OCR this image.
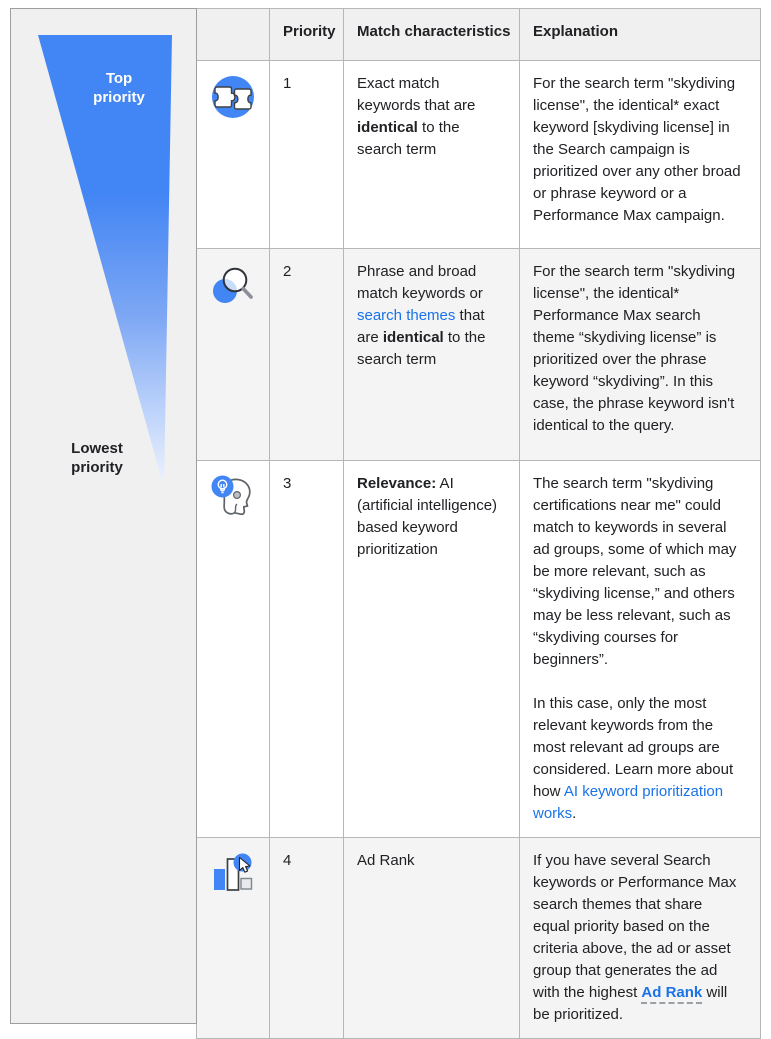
Top priority
Lowest priority
	Priority	Match characteristics	Explanation
	1	Exact match keywords that are identical to the search term	For the search term "skydiving license", the identical* exact keyword [skydiving license] in the Search campaign is prioritized over any other broad or phrase keyword or a Performance Max campaign.

	2	Phrase and broad match keywords or search themes that are identical to the search term	For the search term "skydiving license", the identical* Performance Max search theme “skydiving license” is prioritized over the phrase keyword “skydiving”. In this case, the phrase keyword isn't identical to the query.

	3	Relevance: AI (artificial intelligence) based keyword prioritization	The search term "skydiving certifications near me" could match to keywords in several ad groups, some of which may be more relevant, such as “skydiving license,” and others may be less relevant, such as “skydiving courses for beginners”.

In this case, only the most relevant keywords from the most relevant ad groups are considered. Learn more about how AI keyword prioritization works.

	4	Ad Rank	If you have several Search keywords or Performance Max search themes that share equal priority based on the criteria above, the ad or asset group that generates the ad with the highest Ad Rank will be prioritized.
